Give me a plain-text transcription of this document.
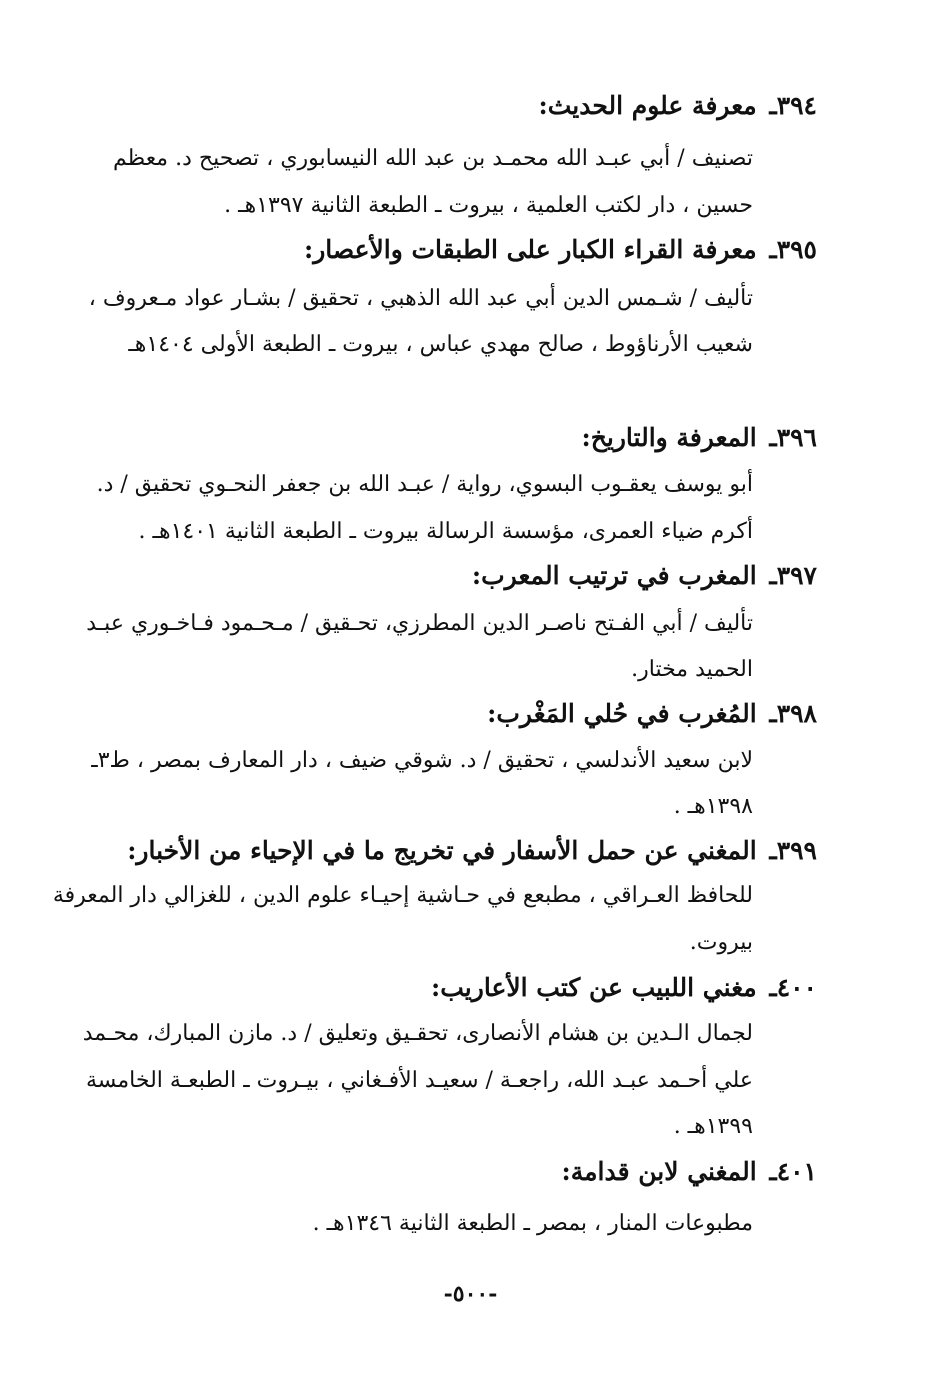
٣٩٤ـ معرفة علوم الحديث:
تصنيف / أبي عبـد الله محمـد بن عبد الله النيسابوري ، تصحيح د. معظم
حسين ، دار لكتب العلمية ، بيروت ـ الطبعة الثانية ١٣٩٧هـ .
٣٩٥ـ معرفة القراء الكبار على الطبقات والأعصار:
تأليف / شـمس الدين أبي عبد الله الذهبي ، تحقيق / بشـار عواد مـعروف ،
شعيب الأرناؤوط ، صالح مهدي عباس ، بيروت ـ الطبعة الأولى ١٤٠٤هـ
٣٩٦ـ المعرفة والتاريخ:
أبو يوسف يعقـوب البسوي، رواية / عبـد الله بن جعفر النحـوي تحقيق / د.
أكرم ضياء العمرى، مؤسسة الرسالة بيروت ـ الطبعة الثانية ١٤٠١هـ .
٣٩٧ـ المغرب في ترتيب المعرب:
تأليف / أبي الفـتح ناصـر الدين المطرزي، تحـقيق / مـحـمود فـاخـوري عبـد
الحميد مختار.
٣٩٨ـ المُغرب في حُلي المَغْرب:
لابن سعيد الأندلسي ، تحقيق / د. شوقي ضيف ، دار المعارف بمصر ، ط٣ـ
١٣٩٨هـ .
٣٩٩ـ المغني عن حمل الأسفار في تخريج ما في الإحياء من الأخبار:
للحافظ العـراقي ، مطبعع في حـاشية إحيـاء علوم الدين ، للغزالي دار المعرفة
بيروت.
٤٠٠ـ مغني اللبيب عن كتب الأعاريب:
لجمال الـدين بن هشام الأنصارى، تحقـيق وتعليق / د. مازن المبارك، محـمد
علي أحـمد عبـد الله، راجعـة / سعيـد الأفـغاني ، بيـروت ـ الطبعـة الخامسة
١٣٩٩هـ .
٤٠١ـ المغني لابن قدامة:
مطبوعات المنار ، بمصر ـ الطبعة الثانية ١٣٤٦هـ .
-٥٠٠-
